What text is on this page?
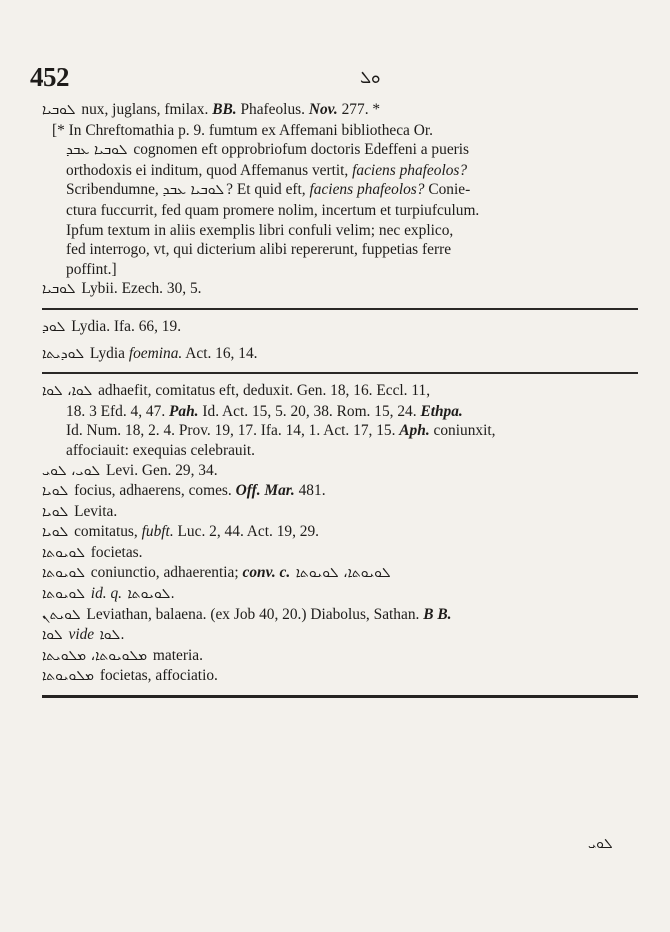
452	ܘܠ
ܠܘܒܝܐ nux, juglans, fmilax. BB. Phafeolus. Nov. 277. *
[* In Chreftomathia p. 9. fumtum ex Affemani bibliotheca Or.
ܠܘܒܝܐ ܥܒܕ cognomen eft opprobriofum doctoris Edeffeni a pueris
orthodoxis ei inditum, quod Affemanus vertit, faciens phafeolos?
Scribendumne, ܠܘܒܝܐ ܥܒܕ ? Et quid eft, faciens phafeolos? Conie-
ctura fuccurrit, fed quam promere nolim, incertum et turpiufculum.
Ipfum textum in aliis exemplis libri confuli velim; nec explico,
fed interrogo, vt, qui dicterium alibi repererunt, fuppetias ferre
poffint.]
ܠܘܒܝܐ Lybii. Ezech. 30, 5.
ܠܘܕ Lydia. Ifa. 66, 19.
ܠܘܕܝܬܐ Lydia foemina. Act. 16, 14.
ܠܘܐ، ܠܘܐ adhaefit, comitatus eft, deduxit. Gen. 18, 16. Eccl. 11,
18. 3 Efd. 4, 47. Pah. Id. Act. 15, 5. 20, 38. Rom. 15, 24. Ethpa.
Id. Num. 18, 2. 4. Prov. 19, 17. Ifa. 14, 1. Act. 17, 15. Aph. coniunxit,
affociauit: exequias celebrauit.
ܠܘܝ، ܠܘܝ Levi. Gen. 29, 34.
ܠܘܝܐ focius, adhaerens, comes. Off. Mar. 481.
ܠܘܝܐ Levita.
ܠܘܝܐ comitatus, fubft. Luc. 2, 44. Act. 19, 29.
ܠܘܝܘܬܐ focietas.
ܠܘܝܘܬܐ coniunctio, adhaerentia; conv. c. ܠܘܝܘܬܐ، ܠܘܝܘܬܐ
ܠܘܝܘܬܐ id. q. ܠܘܝܘܬܐ.
ܠܘܝܬܢ Leviathan, balaena. (ex Job 40, 20.) Diabolus, Sathan. B B.
ܠܘܐ vide ܠܘܐ.
ܡܠܘܝܘܬܐ، ܡܠܘܝܬܐ materia.
ܡܠܘܝܘܬܐ focietas, affociatio.
ܠܘܝ
